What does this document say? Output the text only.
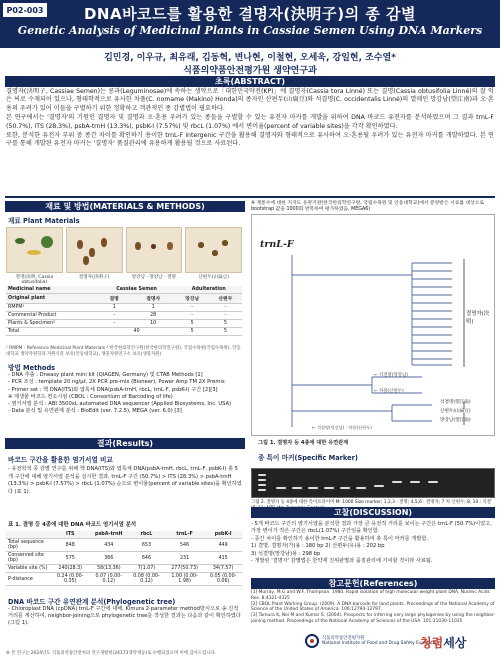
P02-003	DNA바코드를 활용한 결명자(決明子)의 종 감별
Genetic Analysis of Medicinal Plants in Cassiae Semen Using DNA Markers
김민경, 이우규, 최유래, 김동혁, 변나현, 이철현, 오세욱, 강일현, 조수열*
식품의약품안전평가원 생약연구과
초록(ABSTRACT)

결명자(決明子, Cassiae Semen)는 콩과(Leguminosae)에 속하는 생약으로「대한민국약전(KP)」에 결명자(Cassia tora Linné) 또는 결명(Cassia obtusifolia Linné)의 잘 익은 씨로 수재되어 있으나, 형태학적으로 유사한 차풀(C. nomame (Makino) Honda)의 종자인 산편두(山扁豆)와 석결명(C. occidentalis Linné)의 열매인 망강남(望江南)과 오·혼용의 우려가 있어 이들을 구별하기 위한 정확하고 객관적인 종 감별법이 필요하다.

본 연구에서는 '결명자'의 기원인 결명자 및 결명과 오·혼용 우려가 있는 종들을 구별할 수 있는 유전자 마커를 개발을 위하여 DNA 바코드 유전자를 분석하였으며 그 결과 trnL-F (50.7%), ITS (28.3%), psbA-trnH (13.3%), psbK-I (7.57%) 및 rbcL (1.07%) 에서 변이율(percent of variable sites)을 각각 확인하였다.

또한, 분석한 유전자 부위 중 종간 차이를 확인하기 용이한 trnL-F intergenic 구간을 활용해 결명자와 형태적으로 유사하여 오·혼용될 우려가 있는 유전자 마커를 개발하였다. 본 연구를 통해 개발된 유전자 마커는 '결명자' 품질관리에 유용하게 활용될 것으로 사료된다.

재료 및 방법(MATERIALS & METHODS)
재료 Plant Materials
결명(決明, Cassia obtusifolia)
결명자(決明子)	망강남 · 망강남 · 결명	산편두(山扁豆)
Medicinal name	Cassiae Semen		Adulteration	
Original plant	결명	결명자	망강남	산편두
RMPM¹	1	1	-	-
Commercial Product	-	28	-	-
Plants & Specimen²	-	10	5	5
Total	40		5	5
¹ RMPM : Reference Medicinal Plant Materials ² 한국한의학연구원(한국한의학연구원), 국립수목원(국립수목원), 안동대학교 생약자원학과 자원식물 보유(안동대학교), 생물자원연구소 보유(생물자원)
방법 Methods
- DNA 추출 : Dneasy plant mini kit (QIAGEN, Germany) 및 CTAB Methods [1]
- PCR 조성 : template 20 ng/µℓ, 2X PCR pre-mix (Bioneer), Power Amp TM 2X Premix
- Primer set : 핵 DNA(ITS)와 엽록체 DNA(psbA-trnH, rbcL, trnL-F, psbK-I) 구간 [2][3]
※ 제생물 바코드 컨소시엄 (CBOL : Consortium of Barcoding of life)
- 염기서열 분석 : ABI 3500xL automated DNA sequencer (Applied Biosystems, Inc. USA)
- Data 분석 및 유연관계 분석 : BioEdit (ver. 7.2.5), MEGA (ver. 6.0) [3]
결과(Results)
바코드 구간을 활용한 염기서열 비교
- 유전학적 종 감별 연구를 위해 핵 DNA(ITS)와 엽록체 DNA(psbA-trnH, rbcL, trnL-F, psbK-I) 총 5개 구간에 대해 염기서열 분석을 실시한 결과, trnL-F 구간 (50.7%) > ITS (28.3%) > psbA-trnH (13.3%) > psbK-I (7.57%) > rbcL (1.07%) 순으로 변이율(percent of variable sites)을 확인하였다 (표 1).
표 1. 결명 등 4종에 대한 DNA 바코드 염기서열 분석
	ITS	psbA-trnH	rbcL	trnL-F	psbK-I
Total sequence (bp)	848	434	653	546	449
Conserved site (bp)	575	366	646	231	415
Variable site (%)	240(28.3)	58(13.36)	7(1.07)	277(50.73)	34(7.57)
P-distance	0.24 (0.00-0.35)	0.07 (0.00-0.12)	0.08 (0.00-0.12)	1.00 (0.00-1.98)	0.05 (0.00-0.06)
DNA 바코드 구간 유연관계 분석(Phylogenetic tree)
- Chloroplast DNA (cpDNA) trnL-F 구간에 대해, Kimura 2-parameter method방식으로 송 진적 거리를 계산하여, neighbor-joining으로 phylogenetic tree를 작성한 결과는 다음과 같이 확인하였다 (그림 1).
※ 본 연구는 2024년도 식품의약품안전처의 연구개발비(24173생약재등)로 수행되었으며 이에 감사드립니다.
※ 계통수에 대한 지지도 유관기관(한국한의학연구원, 국립수목원 및 안동대학교)에서 분양받은 시료를 대상으로 bootstrap 값을 1000회 반복하여 평가하였음, MEGA6)
trnL-F
결명자(決明)
← 석결명(망강남)
← 차풀(산편두)
석결명(望江南)
산편두(山扁豆)
망강남(望江南)
← 석결명(망강남) · 차풀(산편두)
그림 1. 결명자 등 4종에 대한 유연관계
종 특이 마커(Specific Marker)
그림 2. 결명자 등 4종에 대한 특이프라이머 M: 1000 Size marker; 1,2,3 : 결명; 4,5,6 : 결명자; 7 차 산편두; 8, 10 : 석결
고찰(DISCUSSION)
- 5개 바코드 구간의 염기서열을 분석한 결과 가장 큰 유전적 거리를 보이는 구간은 trnL-F (50.7%)이었고, 가장 변이가 작은 구간은 rbcL(1.07%) 구간임을 확인함.
- 종간 차이를 확인하기 용이한 trnL-F 구간을 활용하여 총 특이 마커를 개발함.
1) 결명, 결명자(가)용 : 180 bp 2) 산편두(유)용 : 202 bp
3) 석결명(망강남)용 : 298 bp
- 개발된 '결명자' 감별법은 한약재 진위판별과 품질관리에 기여할 것이라 사료됨.
참고문헌(References)
[1] Murray, M.G and W.F. Thompson. 1980. Rapid isolation of high molecular weight plant DNA. Nucleic Acids Res. 8:4321-4325
[2] CBOL Plant Working Group. (2009). A DNA barcode for land plants. Proceedings of the National Academy of Science of the United States of America. 106:12794-12797.
[3] Tamura K, Nei M and Kumar S. (2004). Prospects for inferring very large phylogenies by using the neighbor-joining method. Proceedings of the National Academy of Sciences of the USA. 101:11030-11035
식품의약품안전평가원
National Institute of Food and Drug Safety Evaluation
청렴세상
